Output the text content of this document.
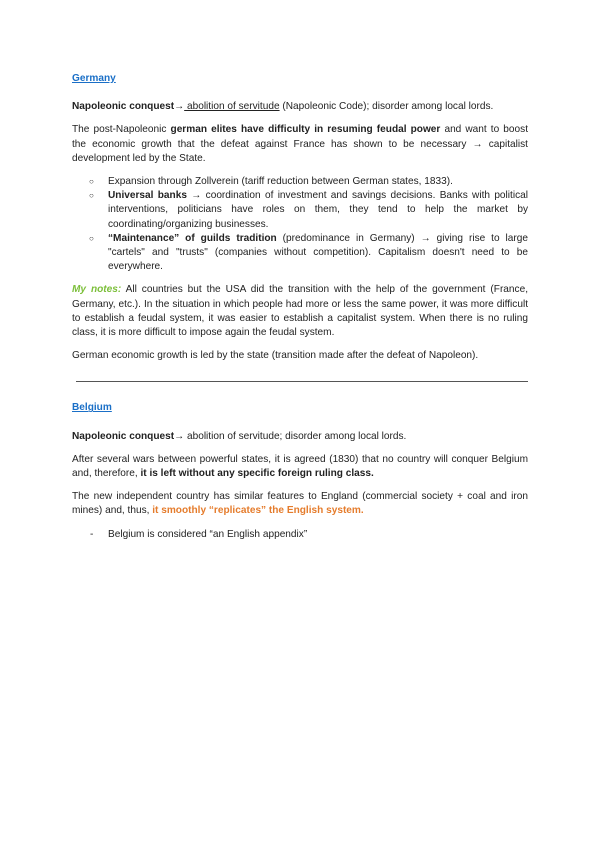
Germany

Napoleonic conquest→ abolition of servitude (Napoleonic Code); disorder among local lords.

The post-Napoleonic german elites have difficulty in resuming feudal power and want to boost the economic growth that the defeat against France has shown to be necessary → capitalist development led by the State.

○ Expansion through Zollverein (tariff reduction between German states, 1833).
○ Universal banks → coordination of investment and savings decisions. Banks with political interventions, politicians have roles on them, they tend to help the market by coordinating/organizing businesses.
○ “Maintenance” of guilds tradition (predominance in Germany) → giving rise to large "cartels" and "trusts" (companies without competition). Capitalism doesn't need to be everywhere.

My notes: All countries but the USA did the transition with the help of the government (France, Germany, etc.). In the situation in which people had more or less the same power, it was more difficult to establish a feudal system, it was easier to establish a capitalist system. When there is no ruling class, it is more difficult to impose again the feudal system.

German economic growth is led by the state (transition made after the defeat of Napoleon).

Belgium

Napoleonic conquest→ abolition of servitude; disorder among local lords.

After several wars between powerful states, it is agreed (1830) that no country will conquer Belgium and, therefore, it is left without any specific foreign ruling class.

The new independent country has similar features to England (commercial society + coal and iron mines) and, thus, it smoothly “replicates” the English system.

- Belgium is considered “an English appendix”
